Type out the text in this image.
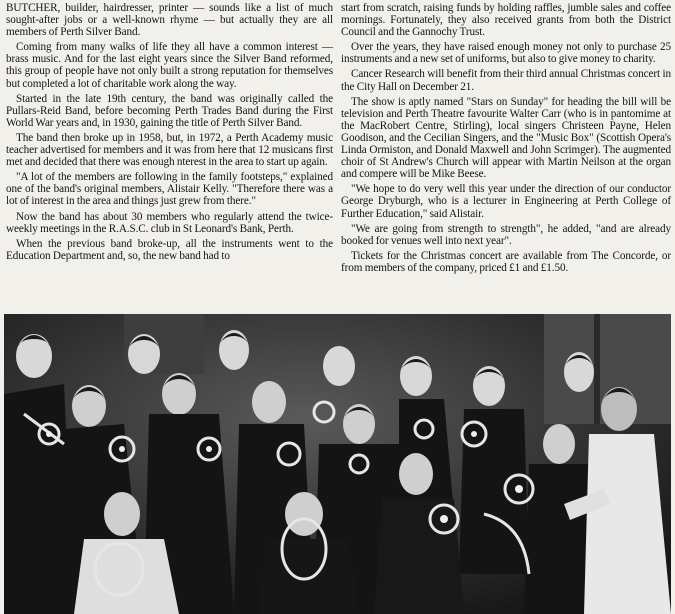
BUTCHER, builder, hairdresser, printer — sounds like a list of much sought-after jobs or a well-known rhyme — but actually they are all members of Perth Silver Band.

Coming from many walks of life they all have a common interest — brass music. And for the last eight years since the Silver Band reformed, this group of people have not only built a strong reputation for themselves but completed a lot of charitable work along the way.

Started in the late 19th century, the band was originally called the Pullars-Reid Band, before becoming Perth Trades Band during the First World War years and, in 1930, gaining the title of Perth Silver Band.

The band then broke up in 1958, but, in 1972, a Perth Academy music teacher advertised for members and it was from here that 12 musicans first met and decided that there was enough nterest in the area to start up again.

"A lot of the members are following in the family footsteps," explained one of the band's original members, Alistair Kelly. "Therefore there was a lot of interest in the area and things just grew from there."

Now the band has about 30 members who regularly attend the twice-weekly meetings in the R.A.S.C. club in St Leonard's Bank, Perth.

When the previous band broke-up, all the instruments went to the Education Department and, so, the new band had to

start from scratch, raising funds by holding raffles, jumble sales and coffee mornings. Fortunately, they also received grants from both the District Council and the Gannochy Trust.

Over the years, they have raised enough money not only to purchase 25 instruments and a new set of uniforms, but also to give money to charity.

Cancer Research will benefit from their third annual Christmas concert in the City Hall on December 21.

The show is aptly named "Stars on Sunday" for heading the bill will be television and Perth Theatre favourite Walter Carr (who is in pantomime at the MacRobert Centre, Stirling), local singers Christeen Payne, Helen Goodison, and the Cecilian Singers, and the "Music Box" (Scottish Opera's Linda Ormiston, and Donald Maxwell and John Scrimger). The augmented choir of St Andrew's Church will appear with Martin Neilson at the organ and compere will be Mike Beese.

"We hope to do very well this year under the direction of our conductor George Dryburgh, who is a lecturer in Engineering at Perth College of Further Education," said Alistair.

"We are going from strength to strength", he added, "and are already booked for venues well into next year".

Tickets for the Christmas concert are available from The Concorde, or from members of the company, priced £1 and £1.50.
